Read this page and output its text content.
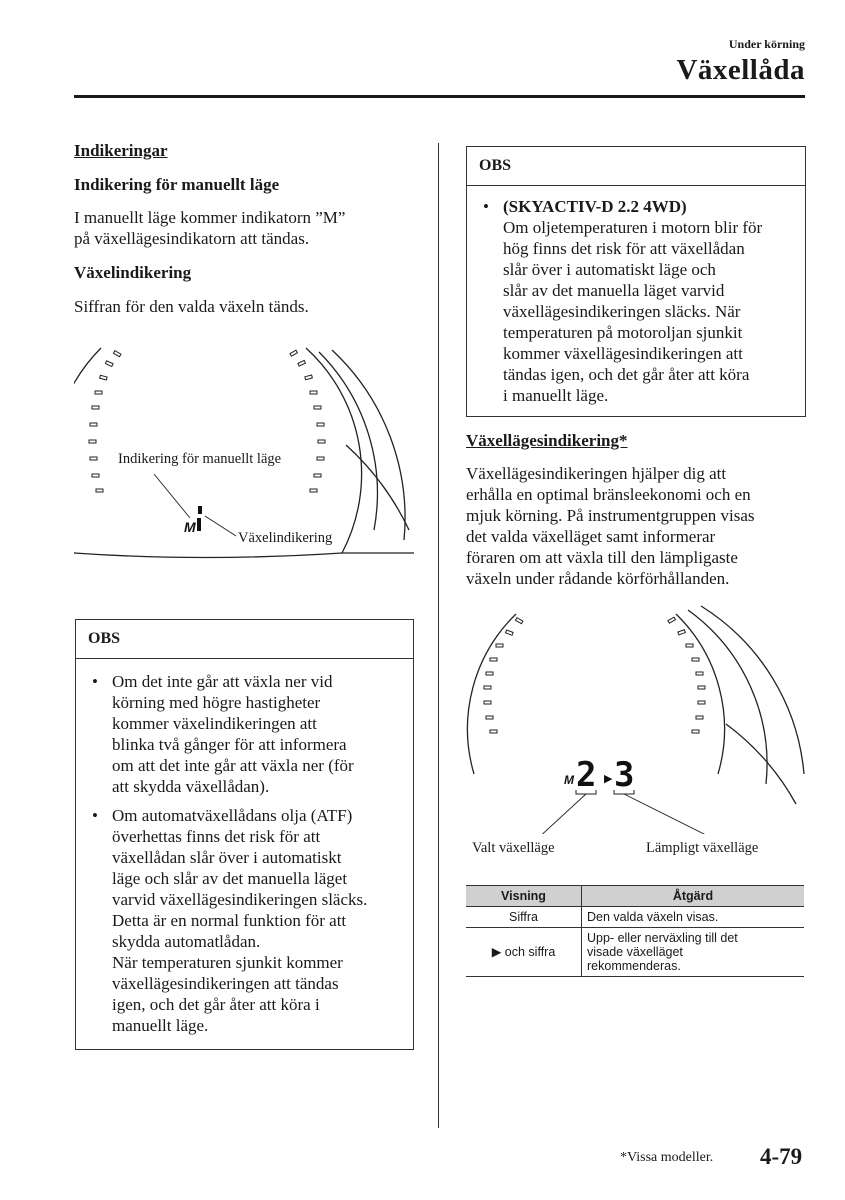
Under körning
Växellåda
Indikeringar
Indikering för manuellt läge
I manuellt läge kommer indikatorn ”M”
på växellägesindikatorn att tändas.
Växelindikering
Siffran för den valda växeln tänds.
M
Indikering för manuellt läge
Växelindikering
OBS
• Om det inte går att växla ner vid
körning med högre hastigheter
kommer växelindikeringen att
blinka två gånger för att informera
om att det inte går att växla ner (för
att skydda växellådan).
• Om automatväxellådans olja (ATF)
överhettas finns det risk för att
växellådan slår över i automatiskt
läge och slår av det manuella läget
varvid växellägesindikeringen släcks.
Detta är en normal funktion för att
skydda automatlådan.
När temperaturen sjunkit kommer
växellägesindikeringen att tändas
igen, och det går åter att köra i
manuellt läge.
OBS
• (SKYACTIV-D 2.2 4WD)
Om oljetemperaturen i motorn blir för
hög finns det risk för att växellådan
slår över i automatiskt läge och
slår av det manuella läget varvid
växellägesindikeringen släcks. När
temperaturen på motoroljan sjunkit
kommer växellägesindikeringen att
tändas igen, och det går åter att köra
i manuellt läge.
Växellägesindikering*
Växellägesindikeringen hjälper dig att
erhålla en optimal bränsleekonomi och en
mjuk körning. På instrumentgruppen visas
det valda växelläget samt informerar
föraren om att växla till den lämpligaste
växeln under rådande körförhållanden.
M 2 ▶ 3
Valt växelläge	Lämpligt växelläge
Visning	Åtgärd
Siffra	Den valda växeln visas.

▶ och siffra	Upp- eller nerväxling till det
visade växelläget
rekommenderas.
*Vissa modeller. 4-79
